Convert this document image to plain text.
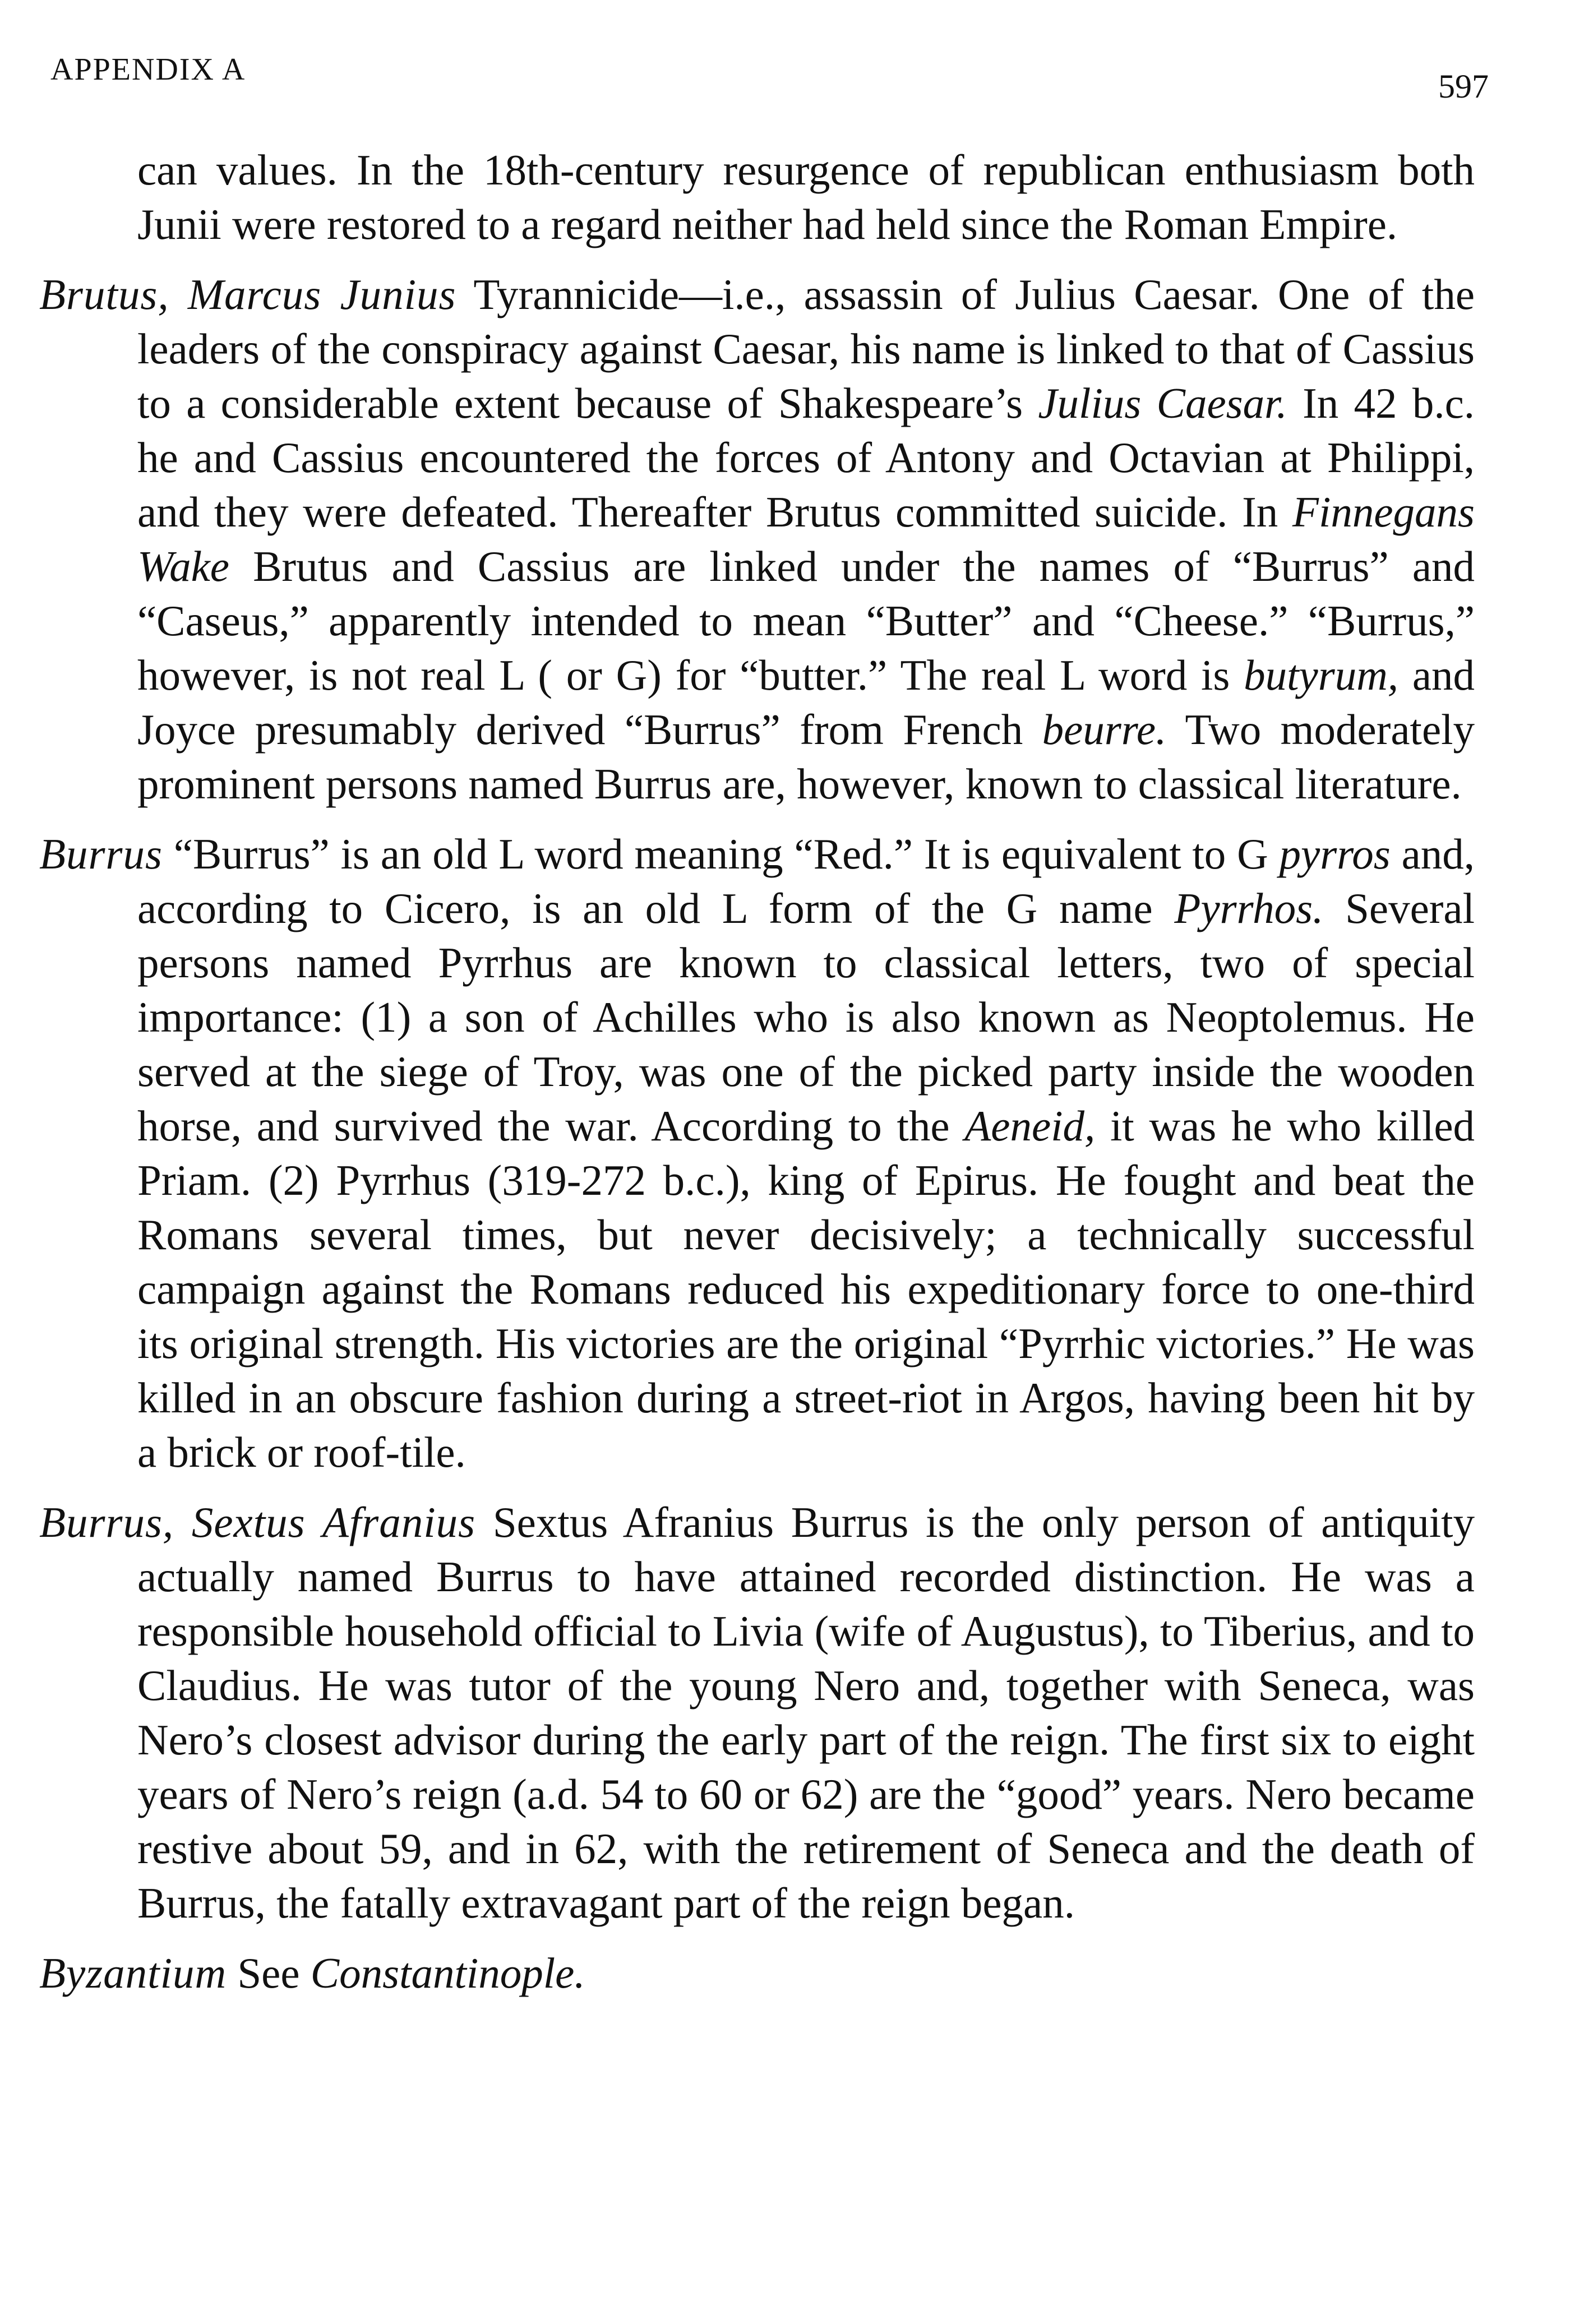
APPENDIX A	597

can values. In the 18th-century resurgence of republican enthusiasm both Junii were restored to a regard neither had held since the Roman Empire.

Brutus, Marcus Junius Tyrannicide—i.e., assassin of Julius Caesar. One of the leaders of the conspiracy against Caesar, his name is linked to that of Cassius to a considerable extent because of Shakespeare’s Julius Caesar. In 42 b.c. he and Cassius encountered the forces of Antony and Octavian at Philippi, and they were defeated. Thereafter Brutus committed suicide. In Finnegans Wake Brutus and Cassius are linked under the names of “Burrus” and “Caseus,” apparently intended to mean “Butter” and “Cheese.” “Burrus,” however, is not real L ( or G) for “butter.” The real L word is butyrum, and Joyce presumably derived “Burrus” from French beurre. Two moderately prominent persons named Burrus are, however, known to classical literature.

Burrus “Burrus” is an old L word meaning “Red.” It is equivalent to G pyrros and, according to Cicero, is an old L form of the G name Pyrrhos. Several persons named Pyrrhus are known to classical letters, two of special importance: (1) a son of Achilles who is also known as Neoptolemus. He served at the siege of Troy, was one of the picked party inside the wooden horse, and survived the war. According to the Aeneid, it was he who killed Priam. (2) Pyrrhus (319-272 b.c.), king of Epirus. He fought and beat the Romans several times, but never decisively; a technically successful campaign against the Romans reduced his expeditionary force to one-third its original strength. His victories are the original “Pyrrhic victories.” He was killed in an obscure fashion during a street-riot in Argos, having been hit by a brick or roof-tile.

Burrus, Sextus Afranius Sextus Afranius Burrus is the only person of antiquity actually named Burrus to have attained recorded distinction. He was a responsible household official to Livia (wife of Augustus), to Tiberius, and to Claudius. He was tutor of the young Nero and, together with Seneca, was Nero’s closest advisor during the early part of the reign. The first six to eight years of Nero’s reign (a.d. 54 to 60 or 62) are the “good” years. Nero became restive about 59, and in 62, with the retirement of Seneca and the death of Burrus, the fatally extravagant part of the reign began.

Byzantium See Constantinople.
